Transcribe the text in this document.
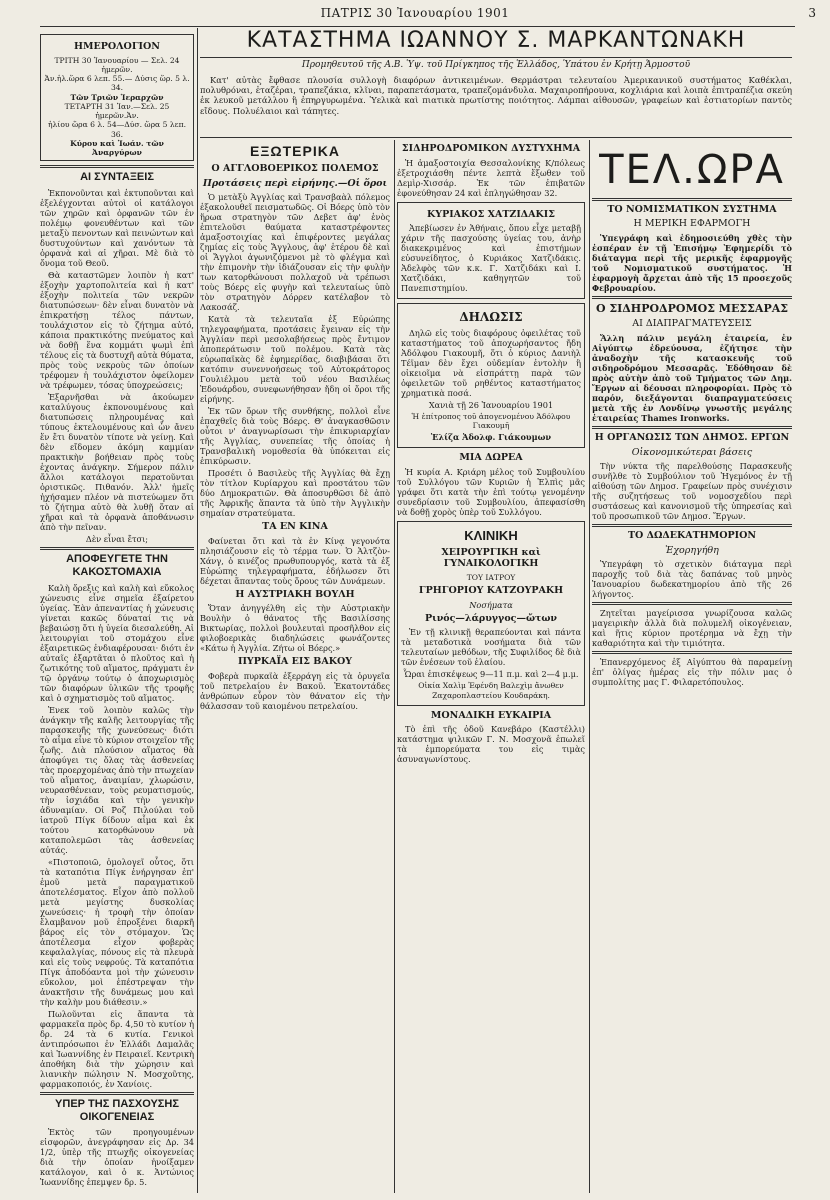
ΠΑΤΡΙΣ 30 Ἰανουαρίου 1901	3
ΚΑΤΑΣΤΗΜΑ ΙΩΑΝΝΟΥ Σ. ΜΑΡΚΑΝΤΩΝΑΚΗ
Προμηθευτοῦ τῆς Α.Β. Ὑψ. τοῦ Πρίγκηπος τῆς Ἑλλάδος, Ὑπάτου ἐν Κρήτῃ Ἁρμοστοῦ
Κατ' αὐτὰς ἔφθασε πλουσία συλλογὴ διαφόρων ἀντικειμένων. Θερμάστραι τελευταίου Ἀμερικανικοῦ συστήματος Καθέκλαι, πολυθρόναι, ἑταζέραι, τραπεζάκια, κλῖναι, παραπετάσματα, τραπεζομάνδυλα. Μαχαιροπήρουνα, κοχλιάρια καὶ λοιπὰ ἐπιτραπέζια σκεύη ἐκ λευκοῦ μετάλλου ἢ ἐπηργυρωμένα. Ὑελικὰ καὶ πιατικὰ πρωτίστης ποιότητος. Λάμπαι αἰθουσῶν, γραφείων καὶ ἑστιατορίων παντὸς εἴδους. Πολυέλαιοι καὶ τάπητες.
ΗΜΕΡΟΛΟΓΙΟΝ
ΤΡΙΤΗ 30 Ἰανουαρίου — Σελ. 24 ἡμερῶν.
Ἀν.ἡλ.ὥρα 6 λεπ. 55.— Δύσις ὥρ. 5 λ. 34.
Τῶν Τριῶν Ἱεραρχῶν
ΤΕΤΑΡΤΗ 31 Ἰαν.—Σελ. 25 ἡμερῶν.Ἀν.
ἡλίου ὥρα 6 λ. 54—Δύσ. ὥρα 5 λεπ. 36.
Κύρου καὶ Ἰωάν. τῶν Ἀναργύρων
ΑΙ ΣΥΝΤΑΞΕΙΣ

Ἐκπονοῦνται καὶ ἐκτυποῦνται καὶ ἐξελέγχονται αὐτοὶ οἱ κατάλογοι τῶν χηρῶν καὶ ὀρφανῶν τῶν ἐν πολέμῳ φονευθέντων καὶ τῶν μεταξὺ πενοντων καὶ πεινώντων καὶ δυστυχούντων καὶ χανόντων τὰ ὀρφανὰ καὶ αἱ χῆραι. Μὲ διὰ τὸ ὄνομα τοῦ Θεοῦ.

Θὰ καταστῶμεν λοιπὸν ἡ κατ' ἐξοχὴν χαρτοπολιτεία καὶ ἡ κατ' ἐξοχὴν πολιτεία τῶν νεκρῶν διατυπώσεων· δὲν εἶναι δυνατὸν νὰ ἐπικρατήσῃ τέλος πάντων, τουλάχιστον εἰς τὸ ζήτημα αὐτό, κάποια πρακτικότης πνεύματος καὶ νὰ δοθῇ ἕνα κομμάτι ψωμὶ ἐπὶ τέλους εἰς τὰ δυστυχῆ αὐτὰ θύματα, πρὸς τοὺς νεκροὺς τῶν ὁποίων τρέφομεν ἡ τουλάχιστον ὀφείλομεν νὰ τρέφωμεν, τόσας ὑποχρεώσεις;

Ἐξαρνῆσθαι νὰ ἀκούωμεν καταλύγους ἐκπονουμένους καὶ διατυπώσεις πληρουμένας καὶ τύπους ἐκτελουμένους καὶ ὧν ἄνευ ἕν ἔτι δυνατὸν τίποτε νὰ γείνῃ. Καὶ δὲν εἴδομεν ἀκόμη καμμίαν πρακτικὴν βοήθειαν πρὸς τοὺς ἐχοντας ἀνάγκην. Σήμερον πάλιν ἄλλοι κατάλογοι περατοῦνται ὁριστικῶς. Πιθανόν. Ἀλλ' ἡμεῖς ἠχήσαμεν πλέον νὰ πιστεύωμεν ὅτι τὸ ζήτημα αὐτὸ θὰ λυθῇ ὅταν αἱ χῆραι καὶ τὰ ὀρφανὰ ἀποθάνωσιν ἀπὸ τὴν πεῖναν.

Δὲν εἶναι ἔτσι;

ΑΠΟΦΕΥΓΕΤΕ ΤΗΝ ΚΑΚΟΣΤΟΜΑΧΙΑ

Καλὴ ὄρεξις καὶ καλὴ καὶ εὔκολος χώνευσις εἶνε σημεῖα ἐξαίρετου ὑγείας. Ἐὰν ἀπεναντίας ἡ χώνευσις γίνεται κακῶς δύναταί τις νὰ βεβαιώσῃ ὅτι ἡ ὑγεία διεσαλεύθη. Αἱ λειτουργίαι τοῦ στομάχου εἶνε ἐξαιρετικῶς ἐνδιαφέρουσαι· διότι ἐν αὐταῖς ἐξαρτᾶται ὁ πλοῦτος καὶ ἡ ζωτικότης τοῦ αἵματος, πράγματι ἐν τῷ ὀργάνῳ τούτῳ ὁ ἀποχωρισμὸς τῶν διαφόρων ὑλικῶν τῆς τροφῆς καὶ ὁ σχηματισμὸς τοῦ αἵματος.

Ἐνεκ τοῦ λοιπὸν καλῶς τὴν ἀνάγκην τῆς καλῆς λειτουργίας τῆς παρασκευῆς τῆς χωνεύσεως· διότι τὸ αἷμα εἶνε τὸ κύριον στοιχεῖον τῆς ζωῆς. Διὰ πλούσιον αἵματος θὰ ἀποφύγει τις ὅλας τὰς ἀσθενείας τὰς προερχομένας ἀπὸ τὴν πτωχείαν τοῦ αἵματος, ἀναιμίαν, χλωρώσιν, νευρασθένειαν, τοὺς ρευματισμούς, τὴν ἰσχιάδα καὶ τὴν γενικὴν ἀδυναμίαν. Οἱ Ροζ Πιλούλαι τοῦ ἰατροῦ Πίγκ δίδουν αἷμα καὶ ἐκ τούτου κατορθώνουν νὰ καταπολεμῶσι τὰς ἀσθενείας αὐτάς.

«Πιστοποιῶ, ὁμολογεῖ οὗτος, ὅτι τὰ καταπότια Πίγκ ἐνήργησαν ἐπ' ἐμοῦ μετὰ παραγματικοῦ ἀποτελέσματος. Εἶχον ἀπὸ πολλοῦ μετὰ μεγίστης δυσκολίας χωνεύσεις· ἡ τροφὴ τὴν ὁποίαν ἔλαμβανον μοῦ ἐπροξένει διαρκῆ βάρος εἰς τὸν στόμαχον. Ὡς ἀποτέλεσμα εἶχον φοβερὰς κεφαλαλγίας, πόνους εἰς τὰ πλευρὰ καὶ εἰς τοὺς νεφρούς. Τὰ καταπότια Πίγκ ἀποδόαντα μοὶ τὴν χώνευσιν εὔκολον, μοὶ ἐπέστρεψαν τὴν ἀνακτῆσιν τῆς δυνάμεως μου καὶ τὴν καλὴν μου διάθεσιν.»

Πωλοῦνται εἰς ἅπαντα τὰ φαρμακεῖα πρὸς δρ. 4,50 τὸ κυτίον ἡ δρ. 24 τὰ 6 κυτία. Γενικοὶ ἀντιπρόσωποι ἐν Ἑλλάδι Δαμαλᾶς καὶ Ἰωαννίδης ἐν Πειραιεῖ. Κεντρικὴ ἀποθήκη διὰ τὴν χώρησιν καὶ λιανικὴν πώλησιν Ν. Μοσχοῦτης, φαρμακοποιός, ἐν Χανίοις.

ΥΠΕΡ ΤΗΣ ΠΑΣΧΟΥΣΗΣ ΟΙΚΟΓΕΝΕΙΑΣ

Ἐκτὸς τῶν προηγουμένων εἰσφορῶν, ἀνεγράφησαν εἰς Δρ. 34 1/2, ὑπὲρ τῆς πτωχῆς οἰκογενείας διὰ τὴν ὁποίαν ἠνοίξαμεν κατάλογον, καὶ ὁ κ. Ἀντώνιος Ἰωαννίδης ἐπεμψεν δρ. 5.

ΕΞΩΤΕΡΙΚΑ
Ο ΑΓΓΛΟΒΟΕΡΙΚΟΣ ΠΟΛΕΜΟΣ
Προτάσεις περὶ εἰρήνης.—Οἱ ὅροι

Ὁ μετὰξὺ Ἀγγλίας καὶ Τρανσβαὰλ πόλεμος ἐξακολουθεῖ πεισματωδῶς. Οἱ Βόερς ὑπὸ τὸν ἥρωα στρατηγὸν τῶν Δεβετ ἀφ' ἑνὸς ἐπιτελοῦσι θαύματα καταστρέφοντες ἁμαξοστοιχίας καὶ ἐπιφέροντες μεγάλας ζημίας εἰς τοὺς Ἄγγλους, ἀφ' ἑτέρου δὲ καὶ οἱ Ἄγγλοι ἀγωνιζόμενοι μὲ τὸ φλέγμα καὶ τὴν ἐπιμονὴν τὴν ἰδιάζουσαν εἰς τὴν φυλὴν των κατορθώνουσι πολλαχοῦ νὰ τρέπωσι τοὺς Βόερς εἰς φυγὴν καὶ τελευταίως ὑπὸ τὸν στρατηγὸν Δόρρεν κατέλαβον τὸ Λακοσάζ.

Κατὰ τὰ τελευταῖα ἐξ Εὐρώπης τηλεγραφήματα, προτάσεις ἔγειναν εἰς τὴν Ἀγγλίαν περὶ μεσολαβήσεως πρὸς ἔντιμον ἀποπεράτωσιν τοῦ πολέμου. Κατὰ τὰς εὐρωπαϊκὰς δὲ ἐφημερίδας, διαβιβάσαι ὅτι κατόπιν συνεννοήσεως τοῦ Αὐτοκράτορος Γουλιέλμου μετὰ τοῦ νέου Βασιλέως Ἐδουάρδου, συνεφωνήθησαν ἤδη οἱ ὅροι τῆς εἰρήνης.

Ἐκ τῶν ὅρων τῆς συνθήκης, πολλοὶ εἶνε ἐπαχθεῖς διὰ τοὺς Βόερς. Θ' ἀναγκασθῶσιν οὗτοι ν' ἀναγνωρίσωσι τὴν ἐπικυριαρχίαν τῆς Ἀγγλίας, συνεπείας τῆς ὁποίας ἡ Τρανσβαλικὴ νομοθεσία θὰ ὑπόκειται εἰς ἐπικύρωσιν.

Προσέτι ὁ Βασιλεὺς τῆς Ἀγγλίας θὰ ἔχῃ τὸν τίτλον Κυρίαρχου καὶ προστάτου τῶν δύο Δημοκρατιῶν. Θὰ ἀποσυρθῶσι δὲ ἀπὸ τῆς Ἀφρικῆς ἅπαντα τὰ ὑπὸ τὴν Ἀγγλικὴν σημαίαν στρατεύματα.

ΤΑ ΕΝ ΚΙΝΑ

Φαίνεται ὅτι καὶ τὰ ἐν Κίνᾳ γεγονότα πλησιάζουσιν εἰς τὸ τέρμα των. Ὁ Ἀλτζὸν-Χάνγ, ὁ κινέζος πρωθυπουργός, κατὰ τὰ ἐξ Εὐρώπης τηλεγραφήματα, ἐδήλωσεν ὅτι δέχεται ἅπαντας τοὺς ὅρους τῶν Δυνάμεων.

Η ΑΥΣΤΡΙΑΚΗ ΒΟΥΛΗ

Ὅταν ἀνηγγέλθη εἰς τὴν Αὐστριακὴν Βουλὴν ὁ θάνατος τῆς Βασιλίσσης Βικτωρίας, πολλοὶ βουλευταὶ προσῆλθον εἰς φιλοβοερικὰς διαδηλώσεις φωνάζοντες «Κάτω ἡ Ἀγγλία. Ζήτω οἱ Βόερς.»

ΠΥΡΚΑΪΑ ΕΙΣ ΒΑΚΟΥ

Φοβερὰ πυρκαϊὰ ἐξερράγη εἰς τὰ ὀρυγεῖα τοῦ πετρελαίου ἐν Βακοῦ. Ἑκατοντάδες ἀνθρώπων εὗρον τὸν θάνατον εἰς τὴν θάλασσαν τοῦ καιομένου πετρελαίου.

ΣΙΔΗΡΟΔΡΟΜΙΚΟΝ ΔΥΣΤΥΧΗΜΑ

Ἡ ἁμαξοστοιχία Θεσσαλονίκης Κ/πόλεως ἐξετροχιάσθη πέντε λεπτὰ ἔξωθεν τοῦ Δεμὶρ-Χισσάρ. Ἐκ τῶν ἐπιβατῶν ἐφονεύθησαν 24 καὶ ἐπληγώθησαν 32.

ΚΥΡΙΑΚΟΣ ΧΑΤΖΙΔΑΚΙΣ

Ἀπεβίωσεν ἐν Ἀθήναις, ὅπου εἶχε μεταβῇ χάριν τῆς πασχούσης ὑγείας του, ἀνὴρ διακεκριμένος καὶ ἐπιστήμων εὐσυνείδητος, ὁ Κυριάκος Χατζιδάκις. Ἀδελφὸς τῶν κ.κ. Γ. Χατζιδάκι καὶ Ι. Χατζιδάκι, καθηγητῶν τοῦ Πανεπιστημίου.

ΔΗΛΩΣΙΣ

Δηλῶ εἰς τοὺς διαφόρους ὀφειλέτας τοῦ καταστήματος τοῦ ἀποχωρήσαντος ἤδη Ἀδόλφου Γιακουμῆ, ὅτι ὁ κύριος Δανιὴλ Τέϊμαν δὲν ἔχει οὐδεμίαν ἐντολὴν ἢ οἰκειοῖμα νὰ εἰσπράττῃ παρὰ τῶν ὀφειλετῶν τοῦ ρηθέντος καταστήματος χρηματικὰ ποσά.

Χανιὰ τῇ 26 Ἰανουαρίου 1901

Ἡ ἐπίτροπος τοῦ ἀπογενομένου Ἀδόλφου Γιακουμῆ

Ἐλίζα Ἀδολφ. Γιάκουμων

ΜΙΑ ΔΩΡΕΑ

Ἡ κυρία Α. Κριάρη μέλος τοῦ Συμβουλίου τοῦ Συλλόγου τῶν Κυριῶν ἡ Ἐλπὶς μᾶς γράφει ὅτι κατὰ τὴν ἐπὶ τούτῳ γενομένην συνεδρίασιν τοῦ Συμβουλίου, ἀπεφασίσθη νὰ δοθῇ χορὸς ὑπὲρ τοῦ Συλλόγου.

ΚΛΙΝΙΚΗ
ΧΕΙΡΟΥΡΓΙΚΗ καὶ ΓΥΝΑΙΚΟΛΟΓΙΚΗ
ΤΟΥ ΙΑΤΡΟΥ
ΓΡΗΓΟΡΙΟΥ ΚΑΤΖΟΥΡΑΚΗ
Νοσήματα
Ρινός—λάρυγγος—ὤτων

Ἐν τῇ κλινικῇ θεραπεύονται καὶ πάντα τὰ μεταδοτικὰ νοσήματα διὰ τῶν τελευταίων μεθόδων, τῆς Συφιλίδος δὲ διὰ τῶν ἐνέσεων τοῦ ἐλαίου.

Ὧραι ἐπισκέψεως 9—11 π.μ. καὶ 2—4 μ.μ.

Οἰκία Χαλὶμ Ἐφένδη Βαλεχὶμ ἄνωθεν Ζαχαροπλαστείου Κουδαράκη.

ΜΟΝΑΔΙΚΗ ΕΥΚΑΙΡΙΑ

Τὸ ἐπὶ τῆς ὁδοῦ Κανεβάρο (Καστέλλι) κατάστημα ψιλικῶν Γ. Ν. Μοσχονᾶ ἐπωλεῖ τὰ ἐμπορεύματα του εἰς τιμὰς ἀσυναγωνίστους.

ΤΕΛ.ΩΡΑ
ΤΟ ΝΟΜΙΣΜΑΤΙΚΟΝ ΣΥΣΤΗΜΑ
Η ΜΕΡΙΚΗ ΕΦΑΡΜΟΓΗ

Ὑπεγράφη καὶ ἐδημοσιεύθη χθὲς τὴν ἑσπέραν ἐν τῇ Ἐπισήμῳ Ἐφημερίδι τὸ διάταγμα περὶ τῆς μερικῆς ἐφαρμογῆς τοῦ Νομισματικοῦ συστήματος. Ἡ ἐφαρμογὴ ἄρχεται ἀπὸ τῆς 15 προσεχοῦς Φεβρουαρίου.

Ο ΣΙΔΗΡΟΔΡΟΜΟΣ ΜΕΣΣΑΡΑΣ
ΑΙ ΔΙΑΠΡΑΓΜΑΤΕΥΣΕΙΣ

Ἄλλη πάλιν μεγάλη ἑταιρεία, ἐν Αἰγύπτῳ ἑδρεύουσα, ἐζήτησε τὴν ἀναδοχὴν τῆς κατασκευῆς τοῦ σιδηροδρόμου Μεσσαρᾶς. Ἐδόθησαν δὲ πρὸς αὐτὴν ἀπὸ τοῦ Τμήματος τῶν Δημ. Ἔργων αἱ δέουσαι πληροφορίαι. Πρὸς τὸ παρόν, διεξάγονται διαπραγματεύσεις μετὰ τῆς ἐν Λονδίνῳ γνωστῆς μεγάλης ἑταιρείας Thames Ironworks.

Η ΟΡΓΑΝΩΣΙΣ ΤΩΝ ΔΗΜΟΣ. ΕΡΓΩΝ
Οἰκονομικώτεραι βάσεις

Τὴν νύκτα τῆς παρελθούσης Παρασκευῆς συνῆλθε τὸ Συμβούλιον τοῦ Ἡγεμόνος ἐν τῇ αἰθούσῃ τῶν Δημοσ. Γραφείων πρὸς συνέχισιν τῆς συζητήσεως τοῦ νομοσχεδίου περὶ συστάσεως καὶ κανονισμοῦ τῆς ὑπηρεσίας καὶ τοῦ προσωπικοῦ τῶν Δημοσ. Ἔργων.

ΤΟ ΔΩΔΕΚΑΤΗΜΟΡΙΟΝ
Ἐχορηγήθη

Ὑπεγράφη τὸ σχετικὸν διάταγμα περὶ παροχῆς τοῦ διὰ τὰς δαπάνας τοῦ μηνὸς Ἰανουαρίου δωδεκατημορίου ἀπὸ τῆς 26 λήγοντος.

Ζητεῖται μαγείρισσα γνωρίζουσα καλῶς μαγειρικὴν ἀλλὰ διὰ πολυμελῆ οἰκογένειαν, καὶ ἥτις κύριον προτέρημα νὰ ἔχῃ τὴν καθαριότητα καὶ τὴν τιμιότητα.

Ἐπανερχόμενος ἐξ Αἰγύπτου θὰ παραμείνῃ ἐπ' ὀλίγας ἡμέρας εἰς τὴν πόλιν μας ὁ συμπολίτης μας Γ. Φιλαρετόπουλος.
